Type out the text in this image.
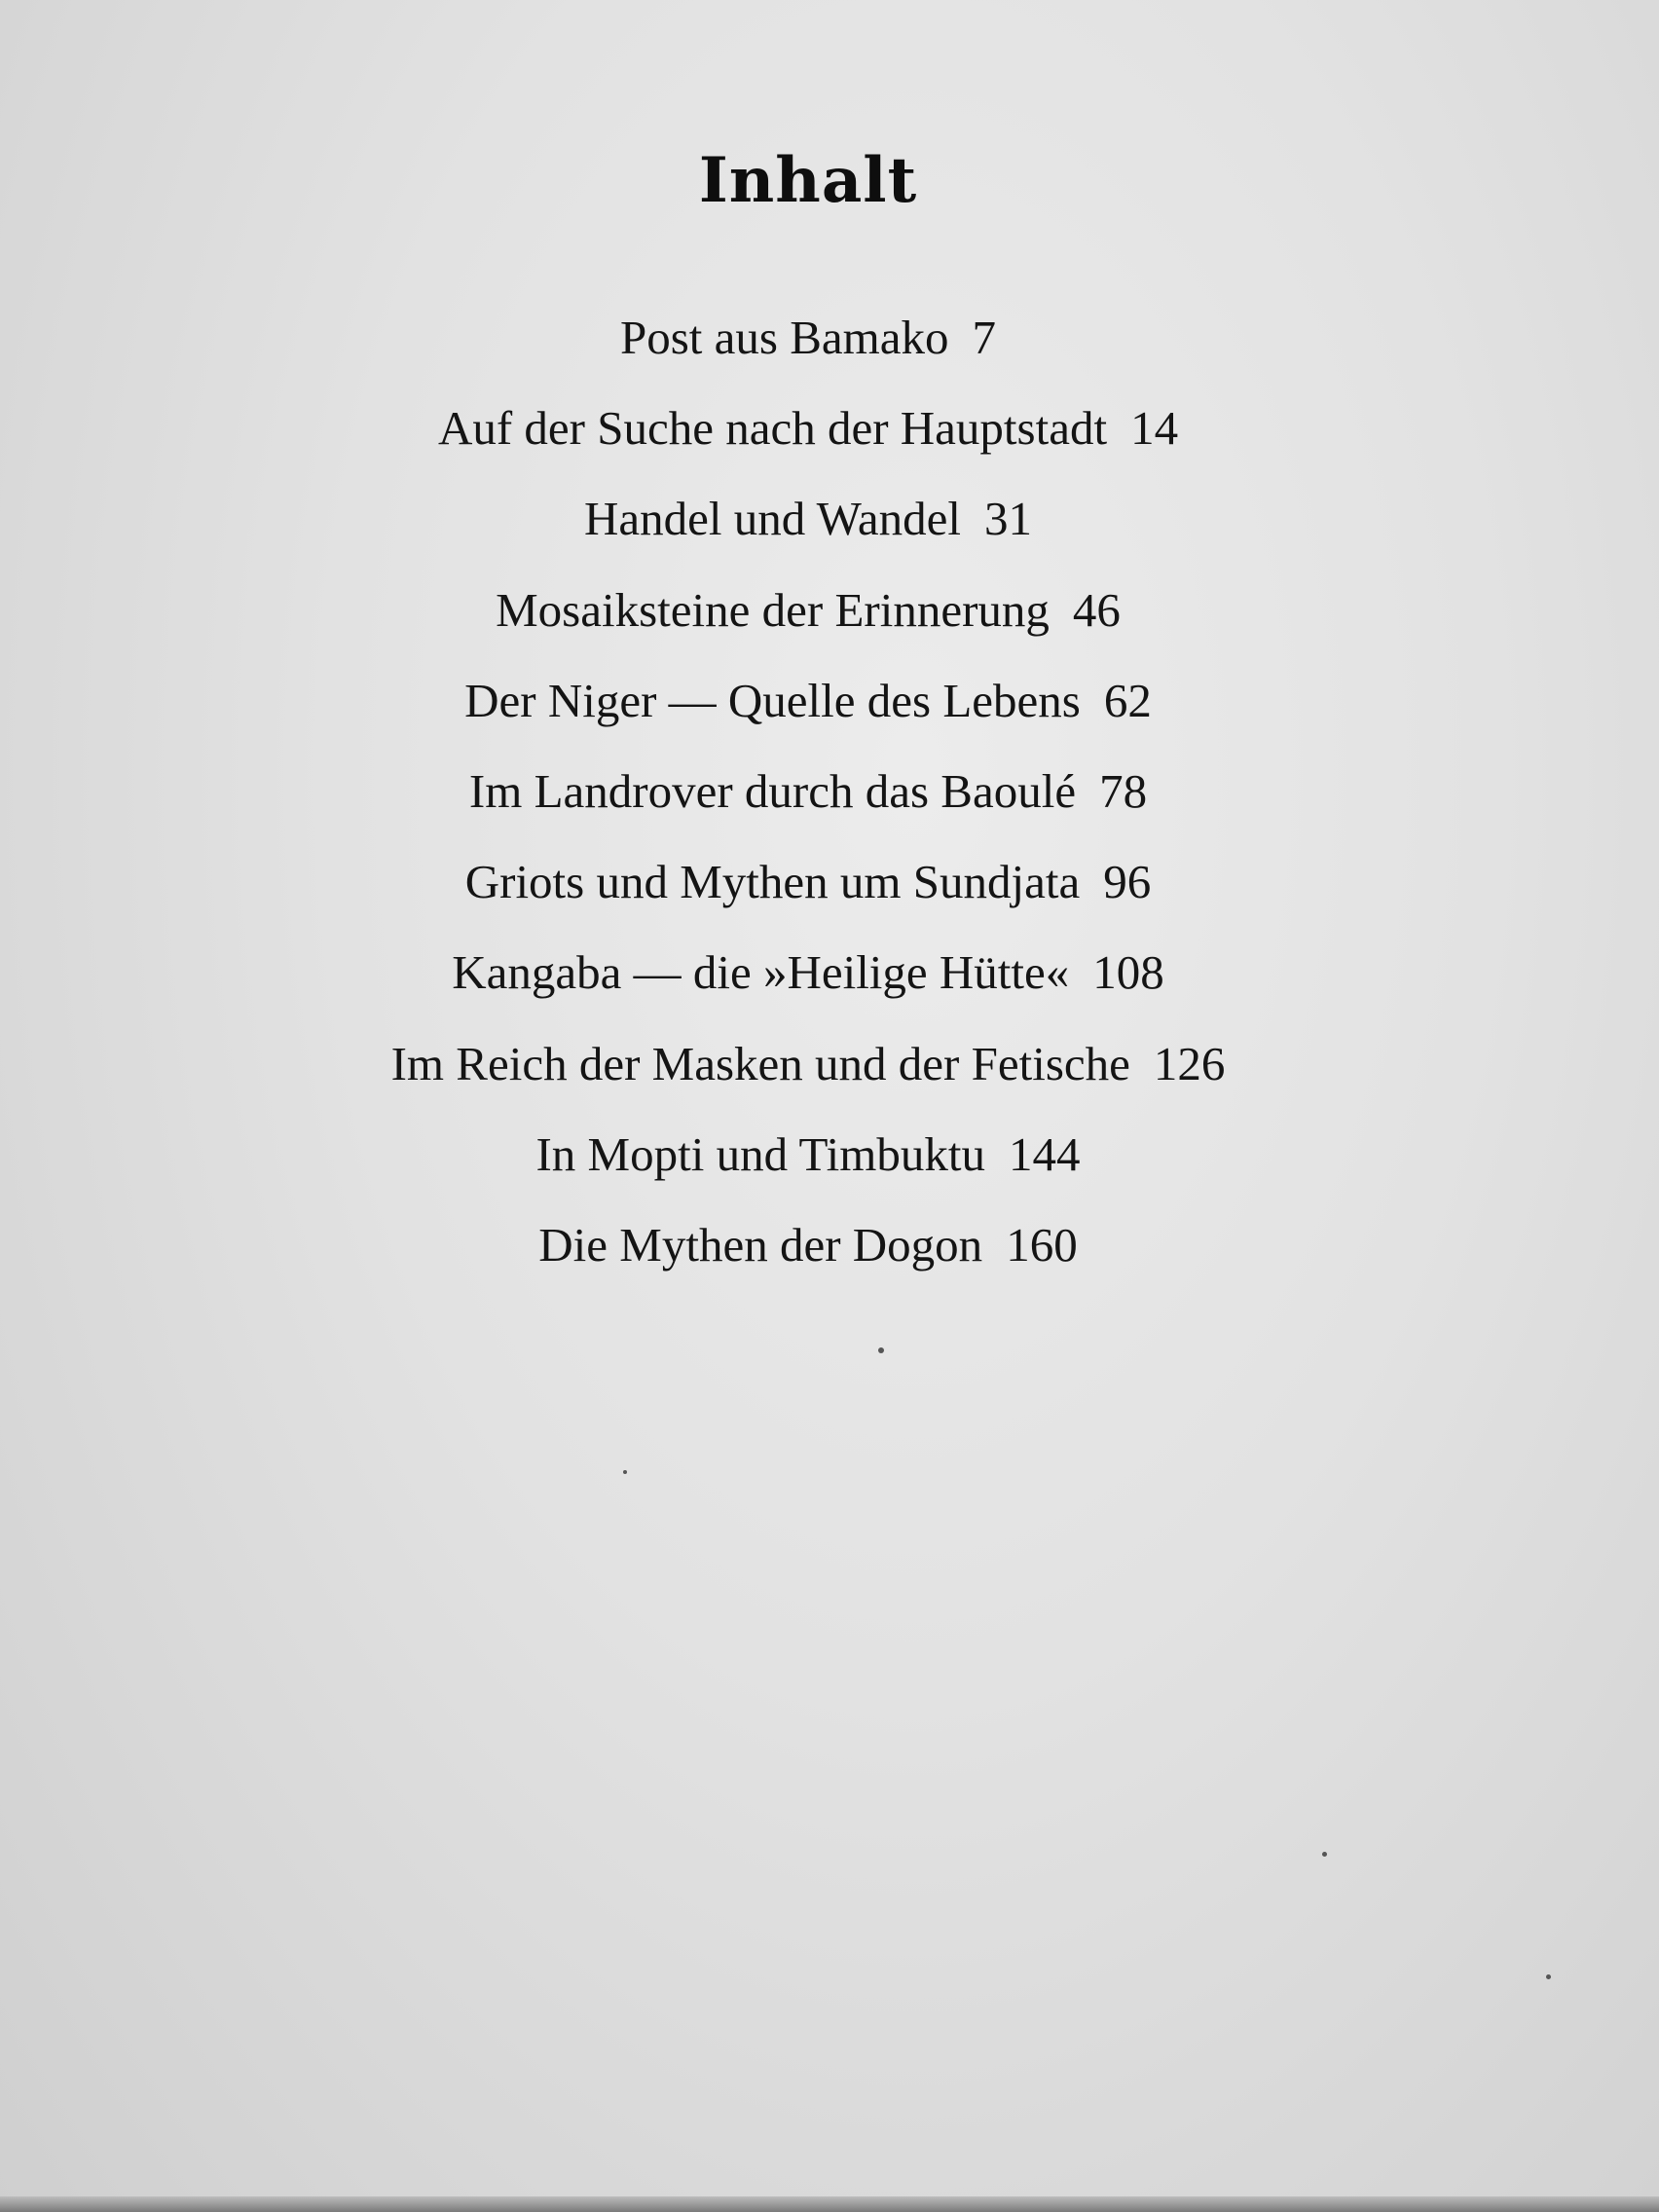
Inhalt
Post aus Bamako 7
Auf der Suche nach der Hauptstadt 14
Handel und Wandel 31
Mosaiksteine der Erinnerung 46
Der Niger — Quelle des Lebens 62
Im Landrover durch das Baoulé 78
Griots und Mythen um Sundjata 96
Kangaba — die »Heilige Hütte« 108
Im Reich der Masken und der Fetische 126
In Mopti und Timbuktu 144
Die Mythen der Dogon 160
